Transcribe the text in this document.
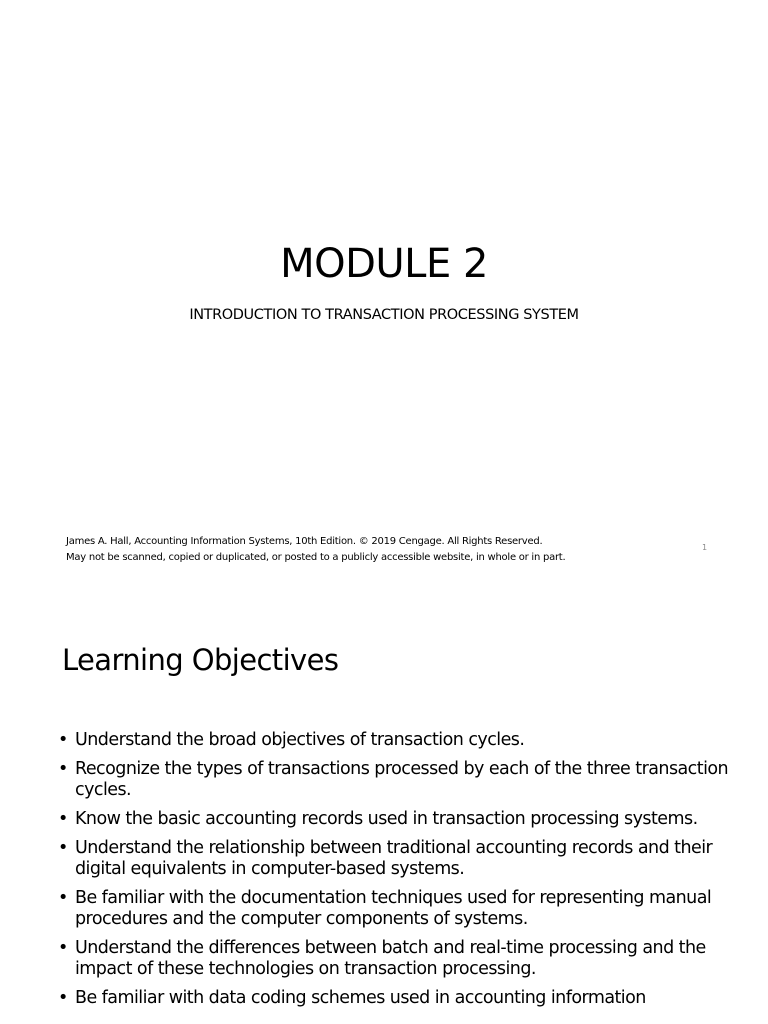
MODULE 2
INTRODUCTION TO TRANSACTION PROCESSING SYSTEM
James A. Hall, Accounting Information Systems, 10th Edition. © 2019 Cengage. All Rights Reserved.
May not be scanned, copied or duplicated, or posted to a publicly accessible website, in whole or in part.
1
Learning Objectives
• Understand the broad objectives of transaction cycles.
• Recognize the types of transactions processed by each of the three transaction cycles.
• Know the basic accounting records used in transaction processing systems.
• Understand the relationship between traditional accounting records and their digital equivalents in computer-based systems.
• Be familiar with the documentation techniques used for representing manual procedures and the computer components of systems.
• Understand the differences between batch and real-time processing and the impact of these technologies on transaction processing.
• Be familiar with data coding schemes used in accounting information
